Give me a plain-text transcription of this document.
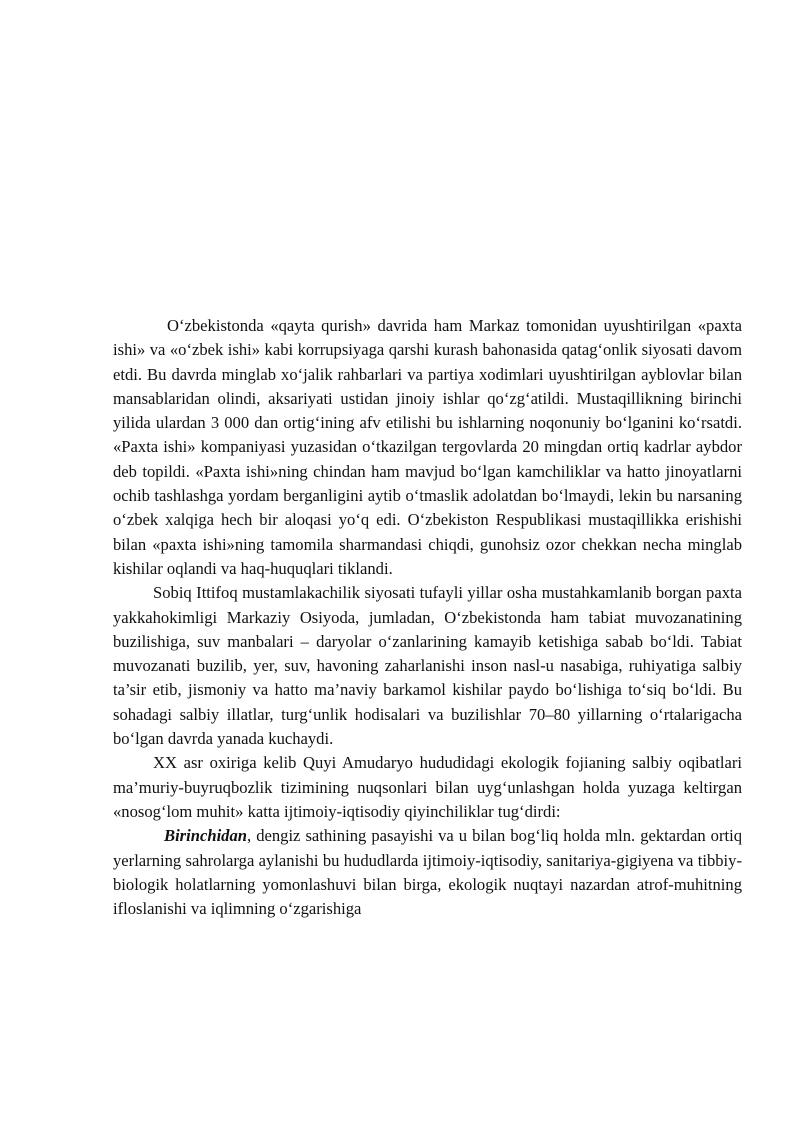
O‘zbekistonda «qayta qurish» davrida ham Markaz tomonidan uyushtirilgan «paxta ishi» va «o‘zbek ishi» kabi korrupsiyaga qarshi kurash bahonasida qatag‘onlik siyosati davom etdi. Bu davrda minglab xo‘jalik rahbarlari va partiya xodimlari uyushtirilgan ayblovlar bilan mansablaridan olindi, aksariyati ustidan jinoiy ishlar qo‘zg‘atildi. Mustaqillikning birinchi yilida ulardan 3 000 dan ortig‘ining afv etilishi bu ishlarning noqonuniy bo‘lganini ko‘rsatdi. «Paxta ishi» kompaniyasi yuzasidan o‘tkazilgan tergovlarda 20 mingdan ortiq kadrlar aybdor deb topildi. «Paxta ishi»ning chindan ham mavjud bo‘lgan kamchiliklar va hatto jinoyatlarni ochib tashlashga yordam berganligini aytib o‘tmaslik adolatdan bo‘lmaydi, lekin bu narsaning o‘zbek xalqiga hech bir aloqasi yo‘q edi. O‘zbekiston Respublikasi mustaqillikka erishishi bilan «paxta ishi»ning tamomila sharmandasi chiqdi, gunohsiz ozor chekkan necha minglab kishilar oqlandi va haq-huquqlari tiklandi.

Sobiq Ittifoq mustamlakachilik siyosati tufayli yillar osha mustahkamlanib borgan paxta yakkahokimligi Markaziy Osiyoda, jumladan, O‘zbekistonda ham tabiat muvozanatining buzilishiga, suv manbalari – daryolar o‘zanlarining kamayib ketishiga sabab bo‘ldi. Tabiat muvozanati buzilib, yer, suv, havoning zaharlanishi inson nasl-u nasabiga, ruhiyatiga salbiy ta’sir etib, jismoniy va hatto ma’naviy barkamol kishilar paydo bo‘lishiga to‘siq bo‘ldi. Bu sohadagi salbiy illatlar, turg‘unlik hodisalari va buzilishlar 70–80 yillarning o‘rtalarigacha bo‘lgan davrda yanada kuchaydi.

XX asr oxiriga kelib Quyi Amudaryo hududidagi ekologik fojianing salbiy oqibatlari ma’muriy-buyruqbozlik tizimining nuqsonlari bilan uyg‘unlashgan holda yuzaga keltirgan «nosog‘lom muhit» katta ijtimoiy-iqtisodiy qiyinchiliklar tug‘dirdi:

Birinchidan, dengiz sathining pasayishi va u bilan bog‘liq holda mln. gektardan ortiq yerlarning sahrolarga aylanishi bu hududlarda ijtimoiy-iqtisodiy, sanitariya-gigiyena va tibbiy-biologik holatlarning yomonlashuvi bilan birga, ekologik nuqtayi nazardan atrof-muhitning ifloslanishi va iqlimning o‘zgarishiga
